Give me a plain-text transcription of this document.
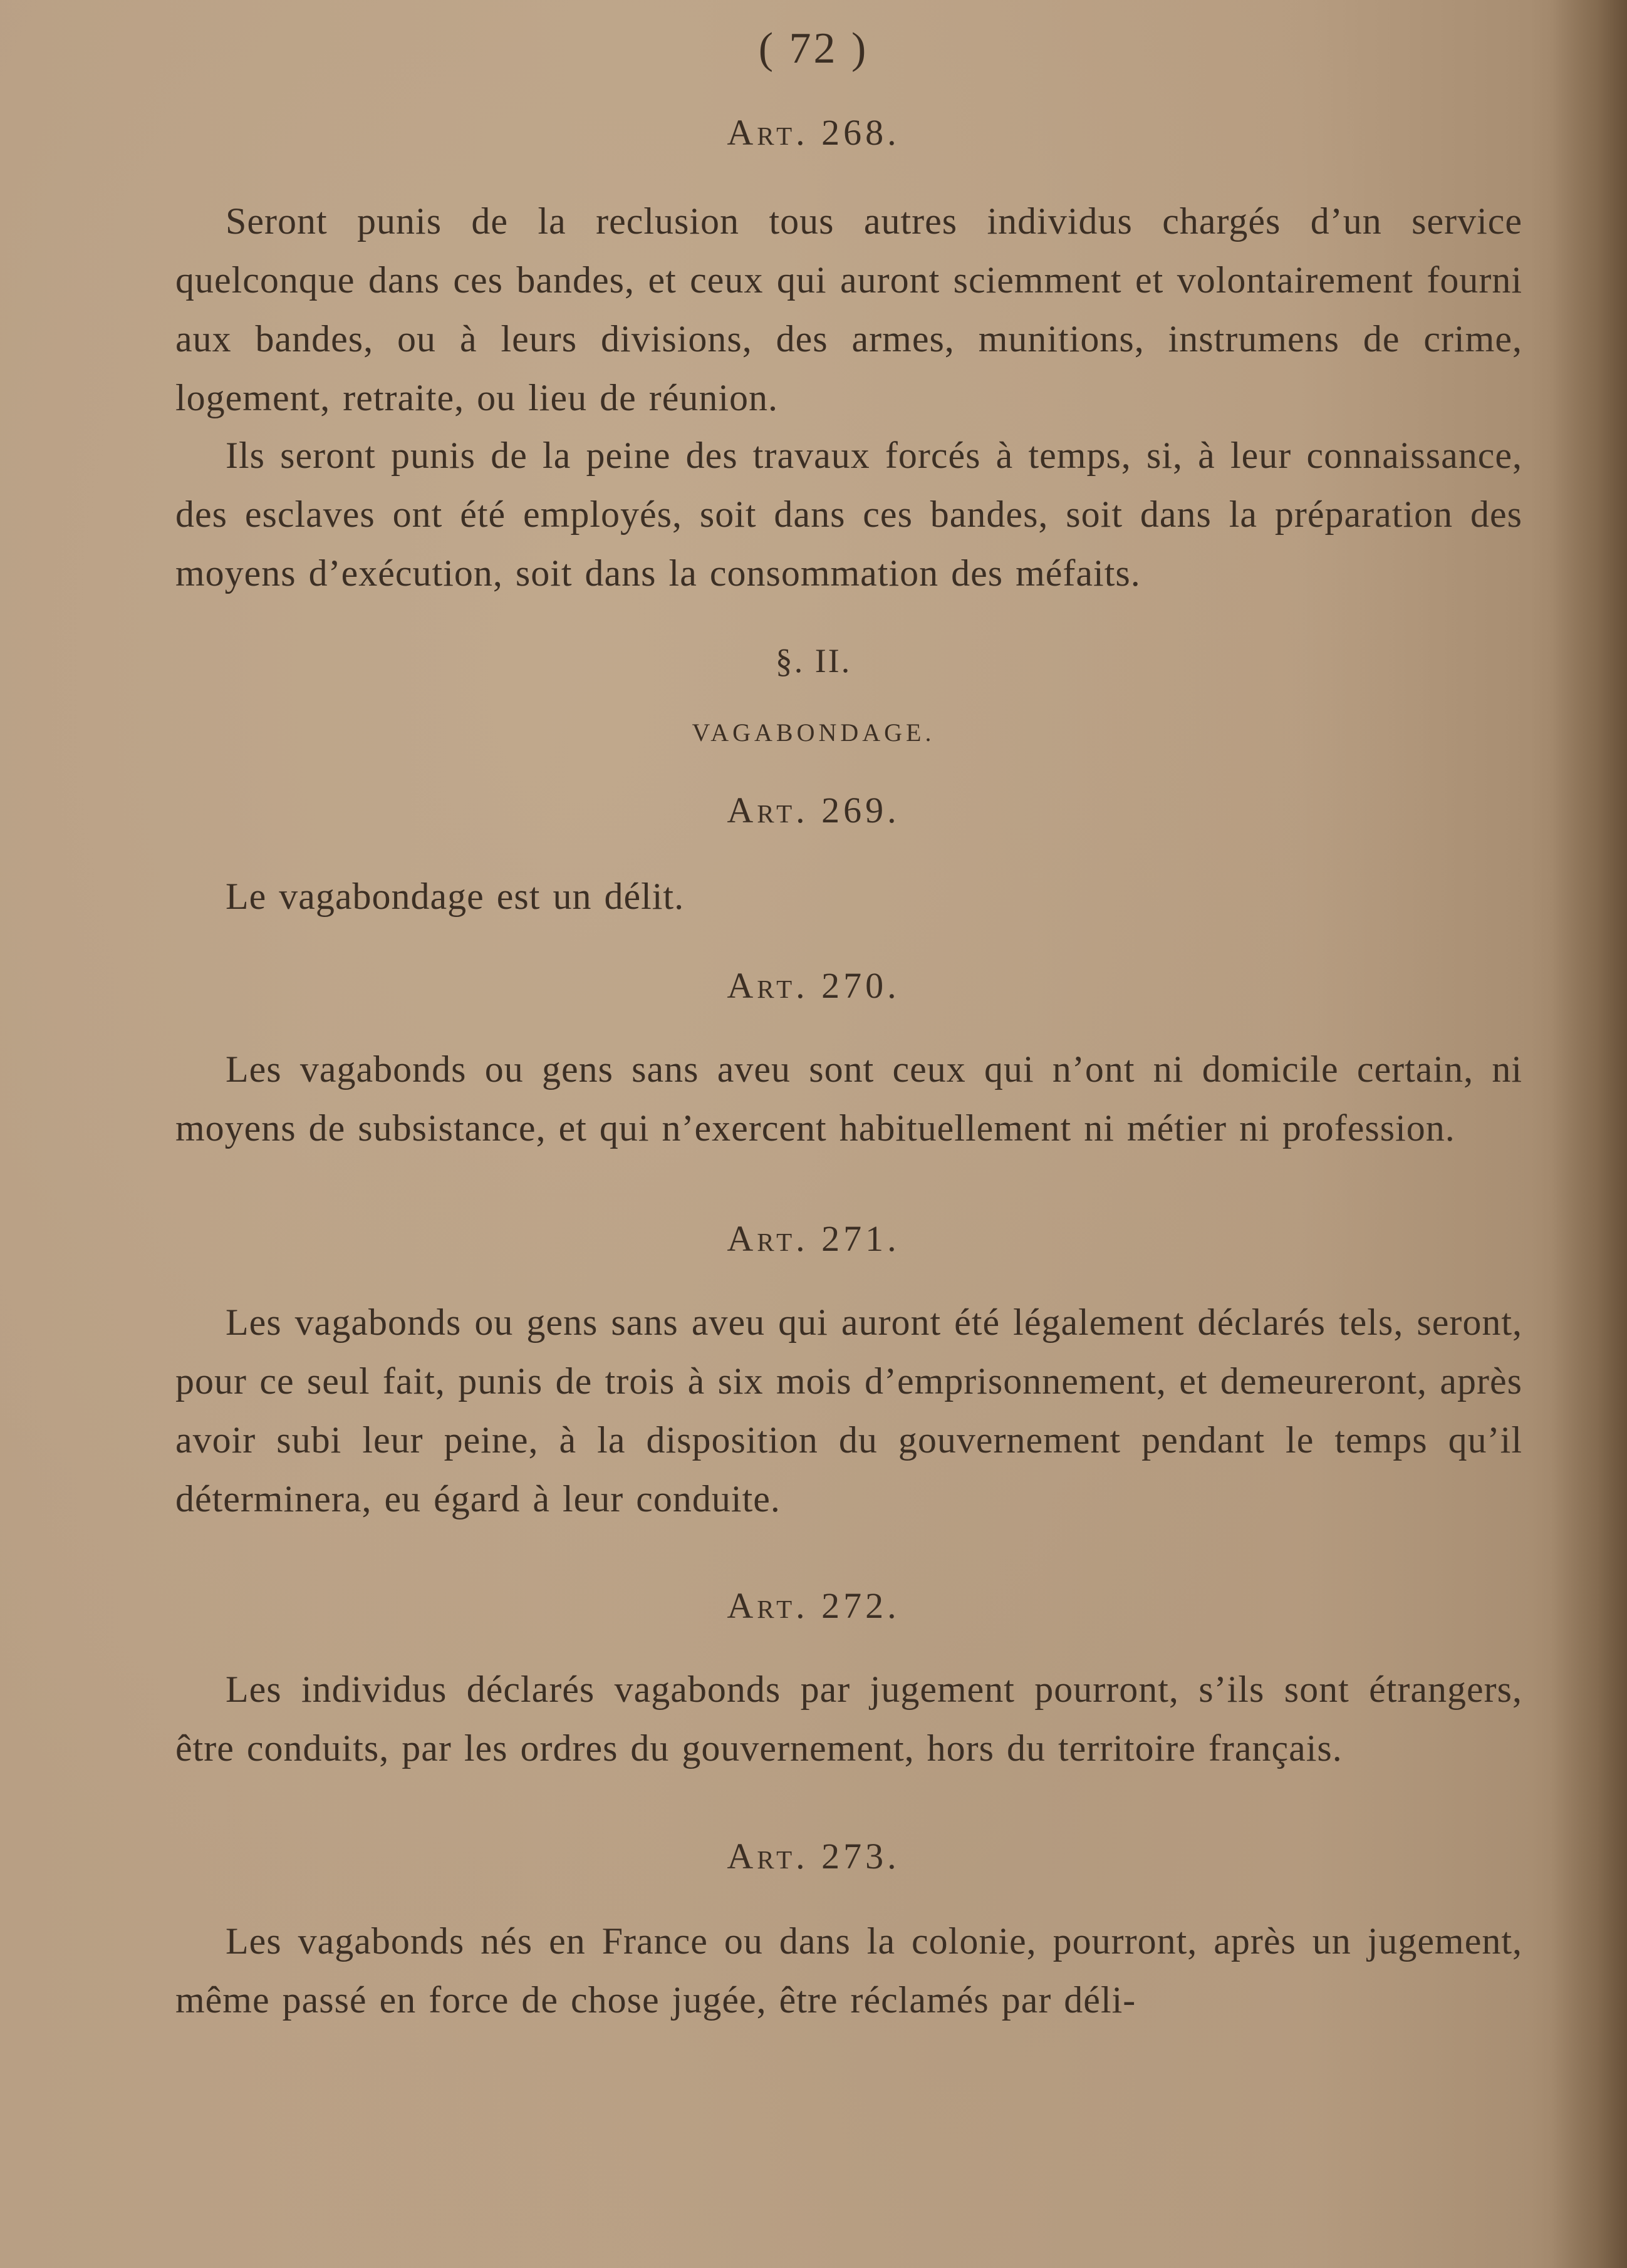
( 72 )
Art. 268.
Seront punis de la reclusion tous autres individus chargés d’un service quelconque dans ces bandes, et ceux qui auront sciemment et volontairement fourni aux bandes, ou à leurs divisions, des armes, munitions, instrumens de crime, logement, retraite, ou lieu de réunion.
Ils seront punis de la peine des travaux forcés à temps, si, à leur connaissance, des esclaves ont été employés, soit dans ces bandes, soit dans la préparation des moyens d’exécution, soit dans la consommation des méfaits.
§. II.
VAGABONDAGE.
Art. 269.
Le vagabondage est un délit.
Art. 270.
Les vagabonds ou gens sans aveu sont ceux qui n’ont ni domicile certain, ni moyens de subsistance, et qui n’exercent habituellement ni métier ni profession.
Art. 271.
Les vagabonds ou gens sans aveu qui auront été légalement déclarés tels, seront, pour ce seul fait, punis de trois à six mois d’emprisonnement, et demeureront, après avoir subi leur peine, à la disposition du gouvernement pendant le temps qu’il déterminera, eu égard à leur conduite.
Art. 272.
Les individus déclarés vagabonds par jugement pourront, s’ils sont étrangers, être conduits, par les ordres du gouvernement, hors du territoire français.
Art. 273.
Les vagabonds nés en France ou dans la colonie, pourront, après un jugement, même passé en force de chose jugée, être réclamés par déli-
